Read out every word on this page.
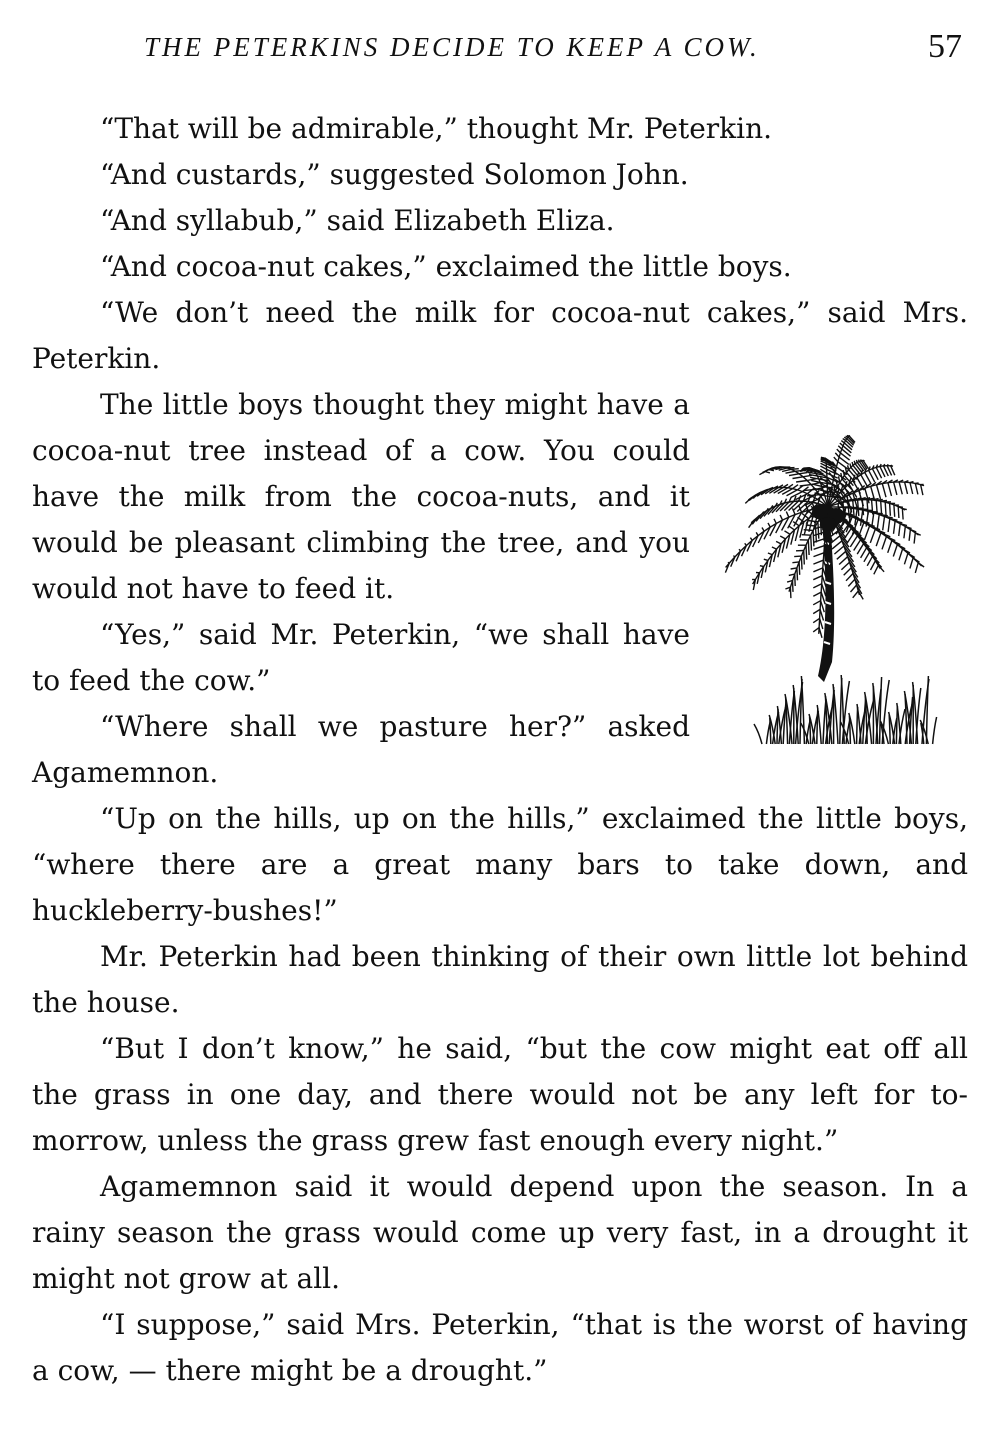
THE PETERKINS DECIDE TO KEEP A COW.	57

“That will be admirable,” thought Mr. Peterkin.

“And custards,” suggested Solomon John.

“And syllabub,” said Elizabeth Eliza.

“And cocoa-nut cakes,” exclaimed the little boys.

“We don’t need the milk for cocoa-nut cakes,” said Mrs. Peterkin.

The little boys thought they might have a cocoa-nut tree instead of a cow. You could have the milk from the cocoa-nuts, and it would be pleasant climbing the tree, and you would not have to feed it.

“Yes,” said Mr. Peterkin, “we shall have to feed the cow.”

“Where shall we pasture her?” asked Agamemnon.

“Up on the hills, up on the hills,” exclaimed the little boys, “where there are a great many bars to take down, and huckleberry-bushes!”

Mr. Peterkin had been thinking of their own little lot behind the house.

“But I don’t know,” he said, “but the cow might eat off all the grass in one day, and there would not be any left for to-morrow, unless the grass grew fast enough every night.”

Agamemnon said it would depend upon the season. In a rainy season the grass would come up very fast, in a drought it might not grow at all.

“I suppose,” said Mrs. Peterkin, “that is the worst of having a cow, — there might be a drought.”
